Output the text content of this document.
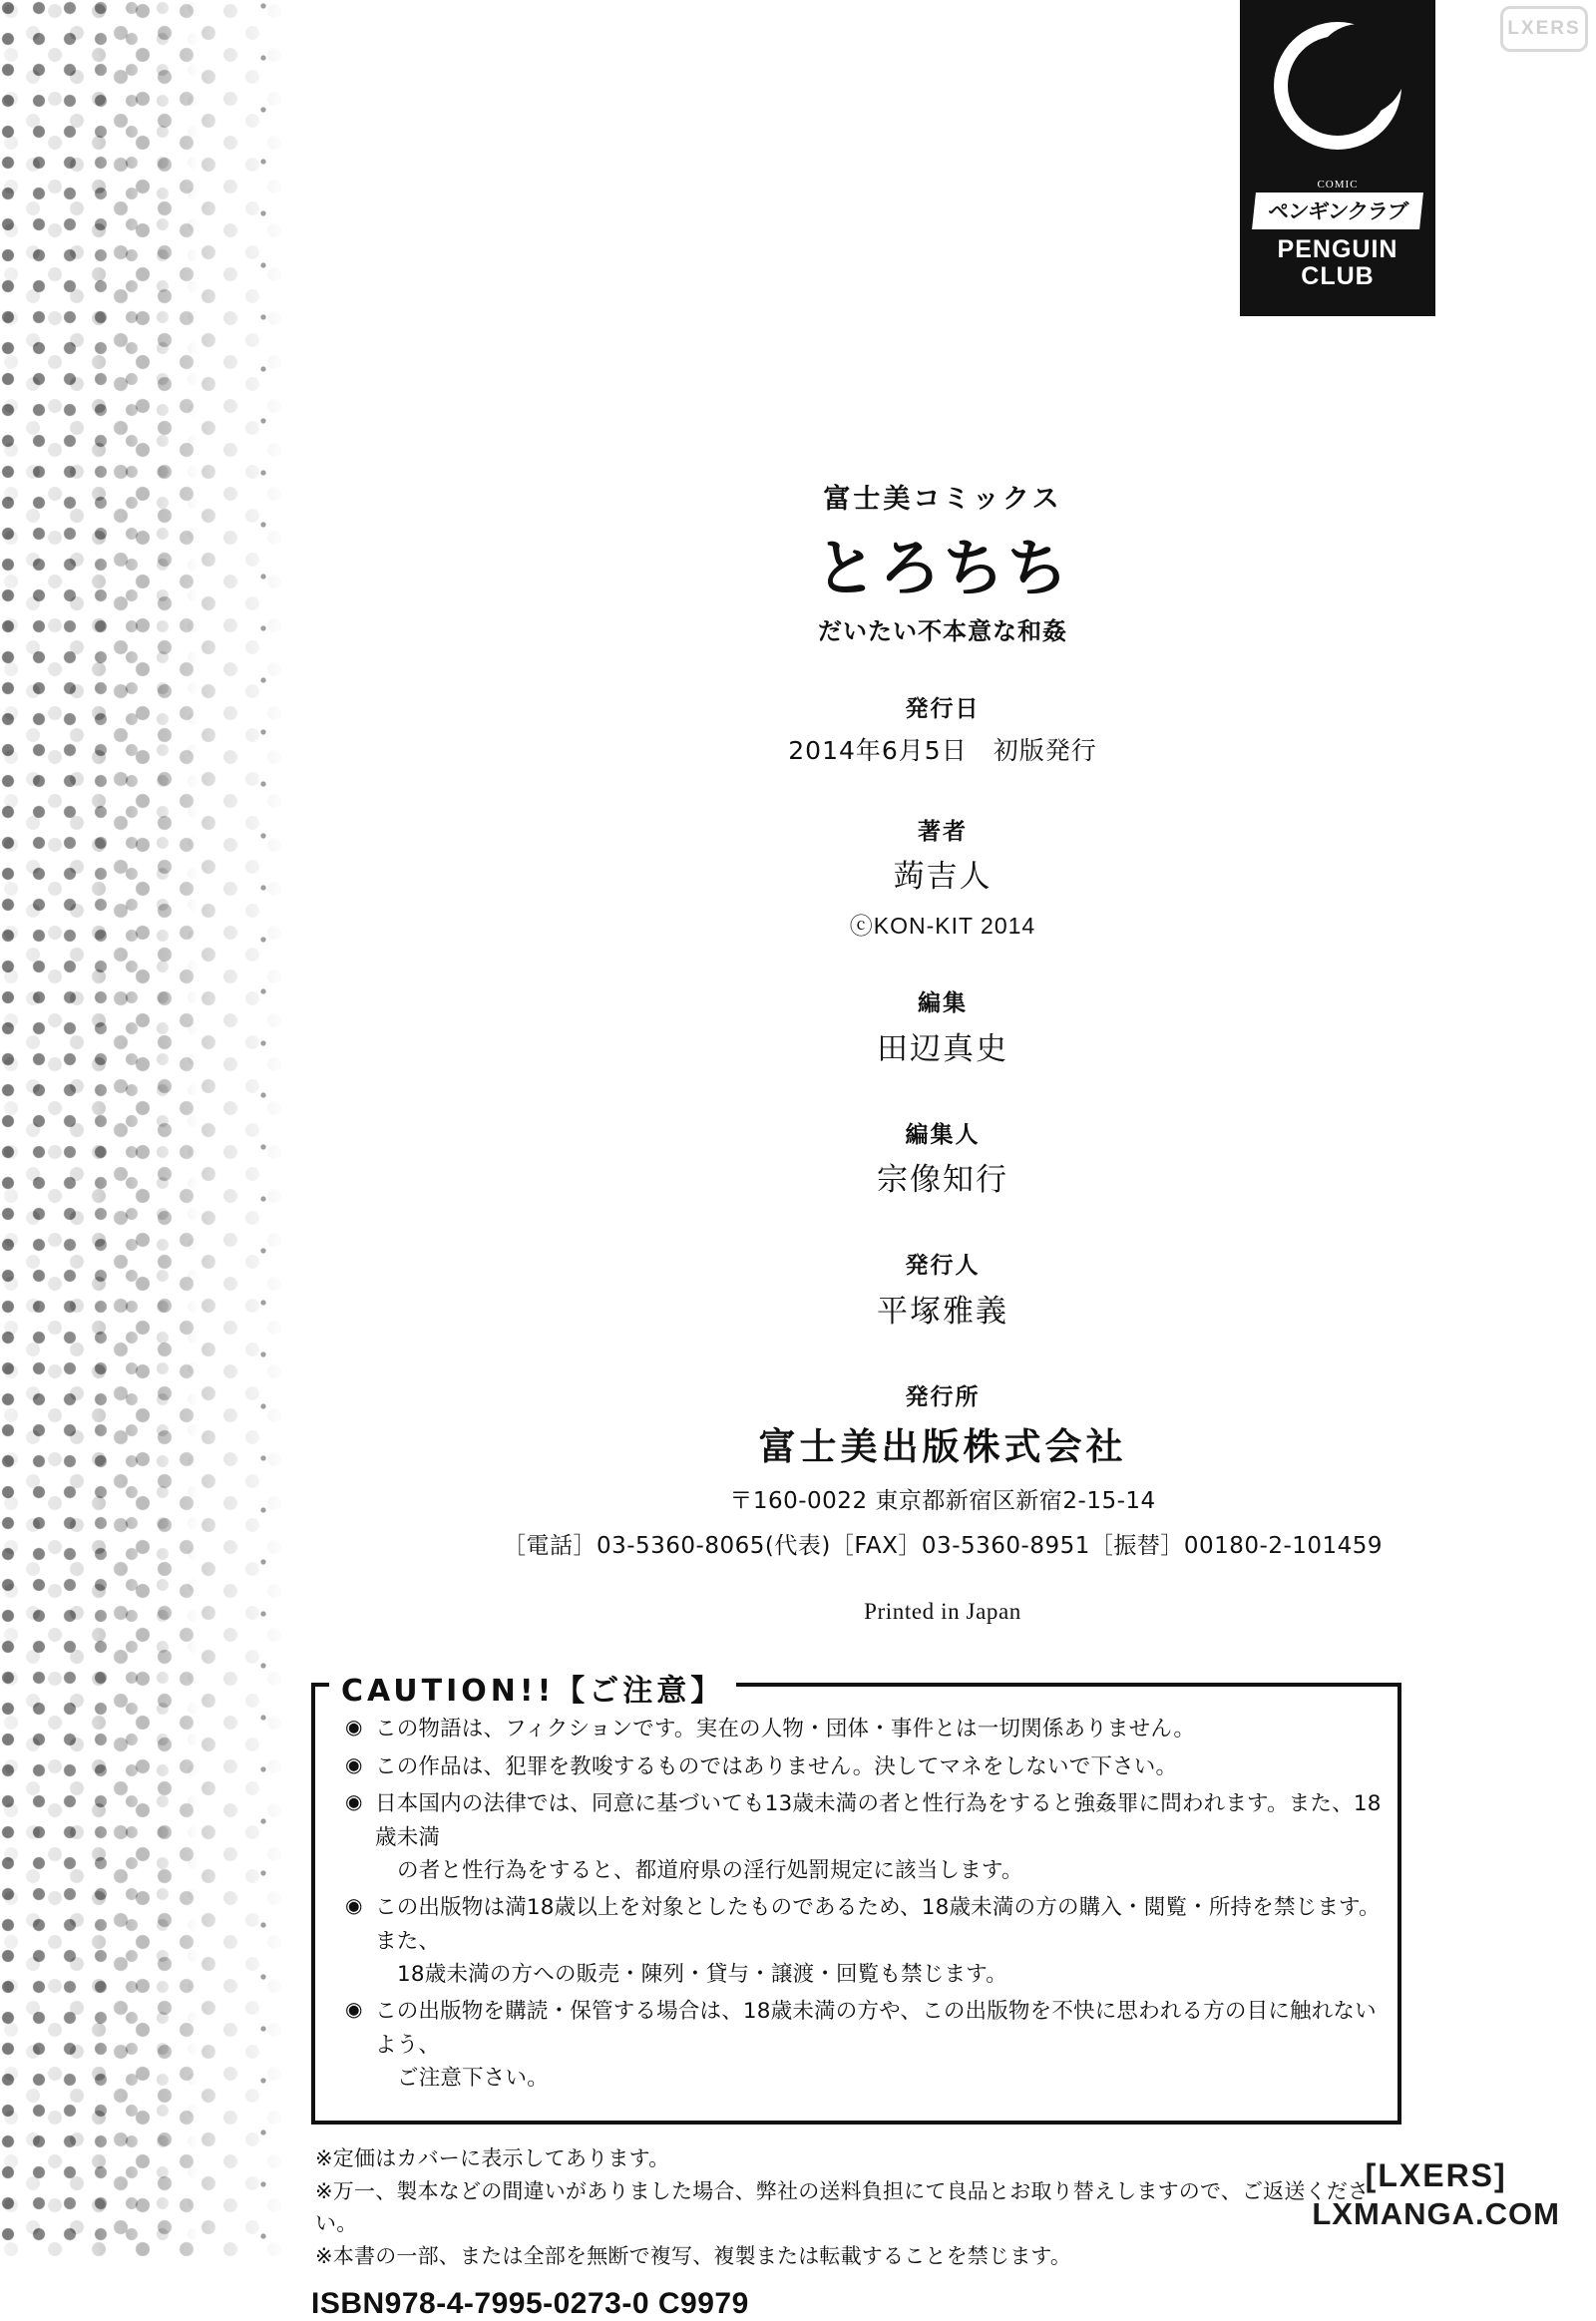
LXERS
COMIC
ペンギンクラブ
PENGUIN
CLUB
富士美コミックス
とろちち
だいたい不本意な和姦
発行日
2014年6月5日　初版発行
著者
蒟吉人
ⓒKON-KIT 2014
編集
田辺真史
編集人
宗像知行
発行人
平塚雅義
発行所
富士美出版株式会社
〒160-0022 東京都新宿区新宿2-15-14
［電話］03-5360-8065(代表)［FAX］03-5360-8951［振替］00180-2-101459
Printed in Japan
CAUTION!!【ご注意】
◉ この物語は、フィクションです。実在の人物・団体・事件とは一切関係ありません。
◉ この作品は、犯罪を教唆するものではありません。決してマネをしないで下さい。
◉ 日本国内の法律では、同意に基づいても13歳未満の者と性行為をすると強姦罪に問われます。また、18歳未満
の者と性行為をすると、都道府県の淫行処罰規定に該当します。
◉ この出版物は満18歳以上を対象としたものであるため、18歳未満の方の購入・閲覧・所持を禁じます。また、
18歳未満の方への販売・陳列・貸与・譲渡・回覧も禁じます。
◉ この出版物を購読・保管する場合は、18歳未満の方や、この出版物を不快に思われる方の目に触れないよう、
ご注意下さい。
※定価はカバーに表示してあります。
※万一、製本などの間違いがありました場合、弊社の送料負担にて良品とお取り替えしますので、ご返送ください。
※本書の一部、または全部を無断で複写、複製または転載することを禁じます。
ISBN978-4-7995-0273-0 C9979
[LXERS]
LXMANGA.COM
